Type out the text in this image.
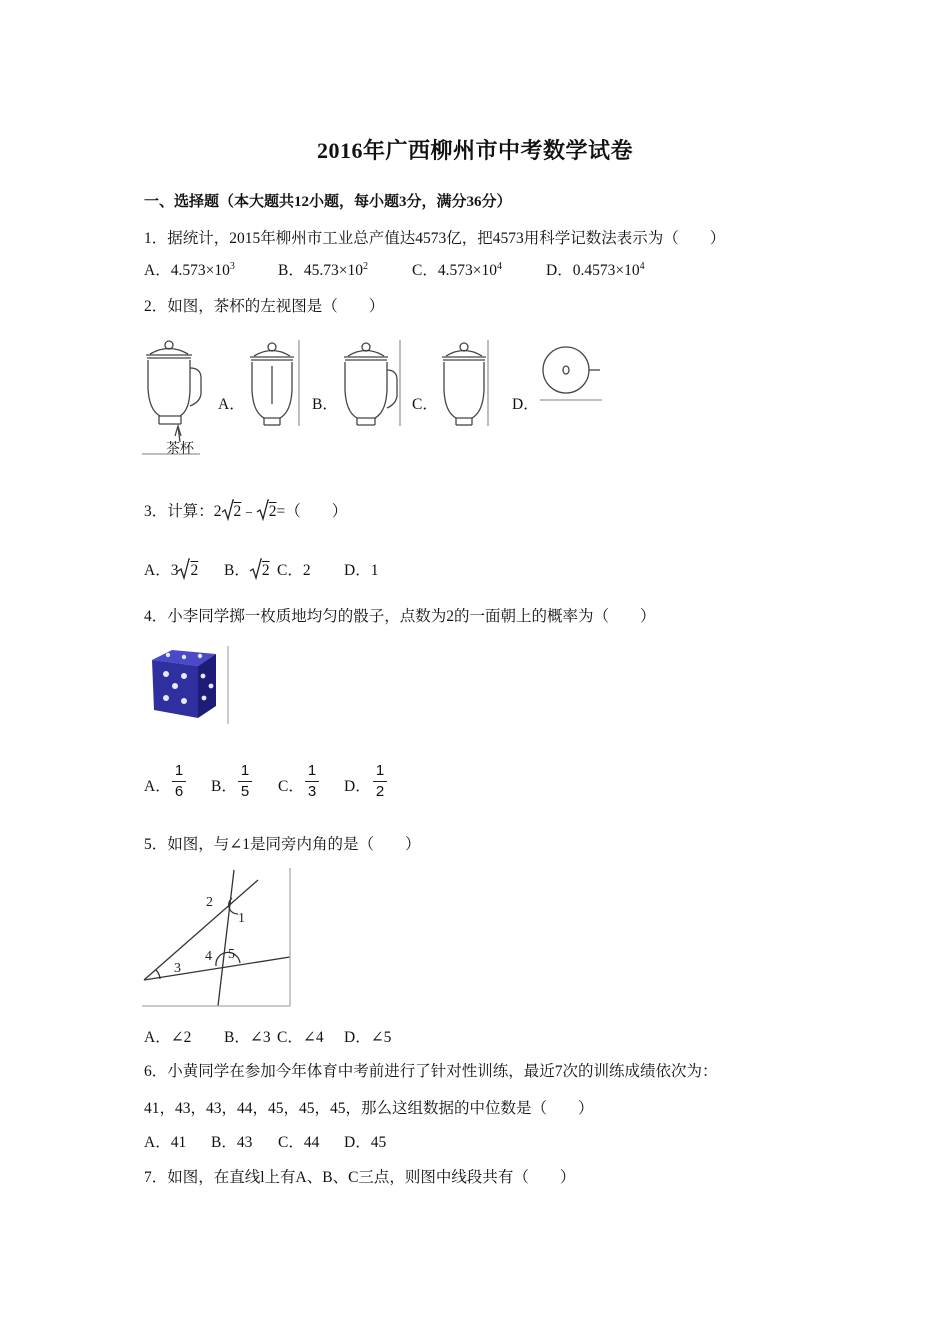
2016年广西柳州市中考数学试卷
一、选择题（本大题共12小题，每小题3分，满分36分）
1．据统计，2015年柳州市工业总产值达4573亿，把4573用科学记数法表示为（　　）
A．$4.573\times 10^3$	B．$45.73\times 10^2$	C．$4.573\times 10^4$	D．$0.4573\times 10^4$
2．如图，茶杯的左视图是（　　）
茶杯
A．	B．	C．	D．
3．计算：2 2﹣ 2=（　　）
A．3 2 B． 2 C．2 D．1
4．小李同学掷一枚质地均匀的骰子，点数为2的一面朝上的概率为（　　）
A．
1
6 B．
1
5 C．
1
3 D．
1
2
5．如图，与∠1是同旁内角的是（　　）
1
2
3
4 5
A．∠2 B．∠3 C．∠4 D．∠5
6．小黄同学在参加今年体育中考前进行了针对性训练，最近7次的训练成绩依次为：
41，43，43，44，45，45，45，那么这组数据的中位数是（　　）
A．41 B．43 C．44 D．45
7．如图，在直线l上有A、B、C三点，则图中线段共有（　　）
